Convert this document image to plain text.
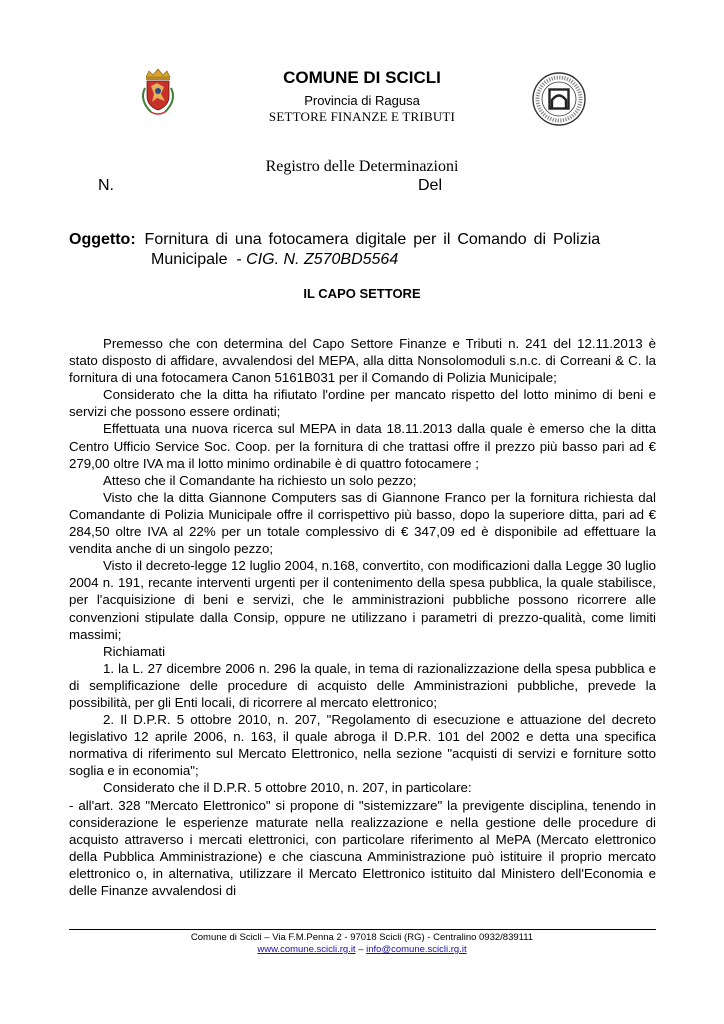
COMUNE DI SCICLI
Provincia di Ragusa
SETTORE FINANZE E TRIBUTI
Registro delle Determinazioni
N.	Del
Oggetto: Fornitura di una fotocamera digitale per il Comando di Polizia
Municipale  - CIG. N. Z570BD5564
IL CAPO SETTORE

Premesso che con determina del Capo Settore Finanze e Tributi n. 241 del 12.11.2013 è stato disposto di affidare, avvalendosi del MEPA, alla ditta Nonsolomoduli s.n.c. di Correani & C. la fornitura di una fotocamera Canon 5161B031 per il Comando di Polizia Municipale;

Considerato che la ditta ha rifiutato l'ordine per mancato rispetto del lotto minimo di beni e servizi che possono essere ordinati;

Effettuata una nuova ricerca sul MEPA in data 18.11.2013 dalla quale è emerso che la ditta Centro Ufficio Service Soc. Coop. per la fornitura di che trattasi offre il prezzo più basso pari ad € 279,00 oltre IVA ma il lotto minimo ordinabile è di quattro fotocamere ;

Atteso che il Comandante ha richiesto un solo pezzo;

Visto che la ditta Giannone Computers sas di Giannone Franco per la fornitura richiesta dal Comandante di Polizia Municipale offre il corrispettivo più basso, dopo la superiore ditta, pari ad € 284,50 oltre IVA al 22% per un totale complessivo di € 347,09 ed è disponibile ad effettuare la vendita anche di un singolo pezzo;

Visto il decreto-legge 12 luglio 2004, n.168, convertito, con modificazioni dalla Legge 30 luglio 2004 n. 191, recante interventi urgenti per il contenimento della spesa pubblica, la quale stabilisce, per l'acquisizione di beni e servizi, che le amministrazioni pubbliche possono ricorrere alle convenzioni stipulate dalla Consip, oppure ne utilizzano i parametri di prezzo-qualità, come limiti massimi;

Richiamati

1. la L. 27 dicembre 2006 n. 296 la quale, in tema di razionalizzazione della spesa pubblica e di semplificazione delle procedure di acquisto delle Amministrazioni pubbliche, prevede la possibilità, per gli Enti locali, di ricorrere al mercato elettronico;

2. Il D.P.R. 5 ottobre 2010, n. 207, "Regolamento di esecuzione e attuazione del decreto legislativo 12 aprile 2006, n. 163, il quale abroga il D.P.R. 101 del 2002 e detta una specifica normativa di riferimento sul Mercato Elettronico, nella sezione "acquisti di servizi e forniture sotto soglia e in economia";

Considerato che il D.P.R. 5 ottobre 2010, n. 207, in particolare:

- all'art. 328 "Mercato Elettronico" si propone di "sistemizzare" la previgente disciplina, tenendo in considerazione le esperienze maturate nella realizzazione e nella gestione delle procedure di acquisto attraverso i mercati elettronici, con particolare riferimento al MePA (Mercato elettronico della Pubblica Amministrazione) e che ciascuna Amministrazione può istituire il proprio mercato elettronico o, in alternativa, utilizzare il Mercato Elettronico istituito dal Ministero dell'Economia e delle Finanze avvalendosi di

Comune di Scicli – Via F.M.Penna 2 - 97018 Scicli (RG) - Centralino 0932/839111
www.comune.scicli.rg.it – info@comune.scicli.rg.it
